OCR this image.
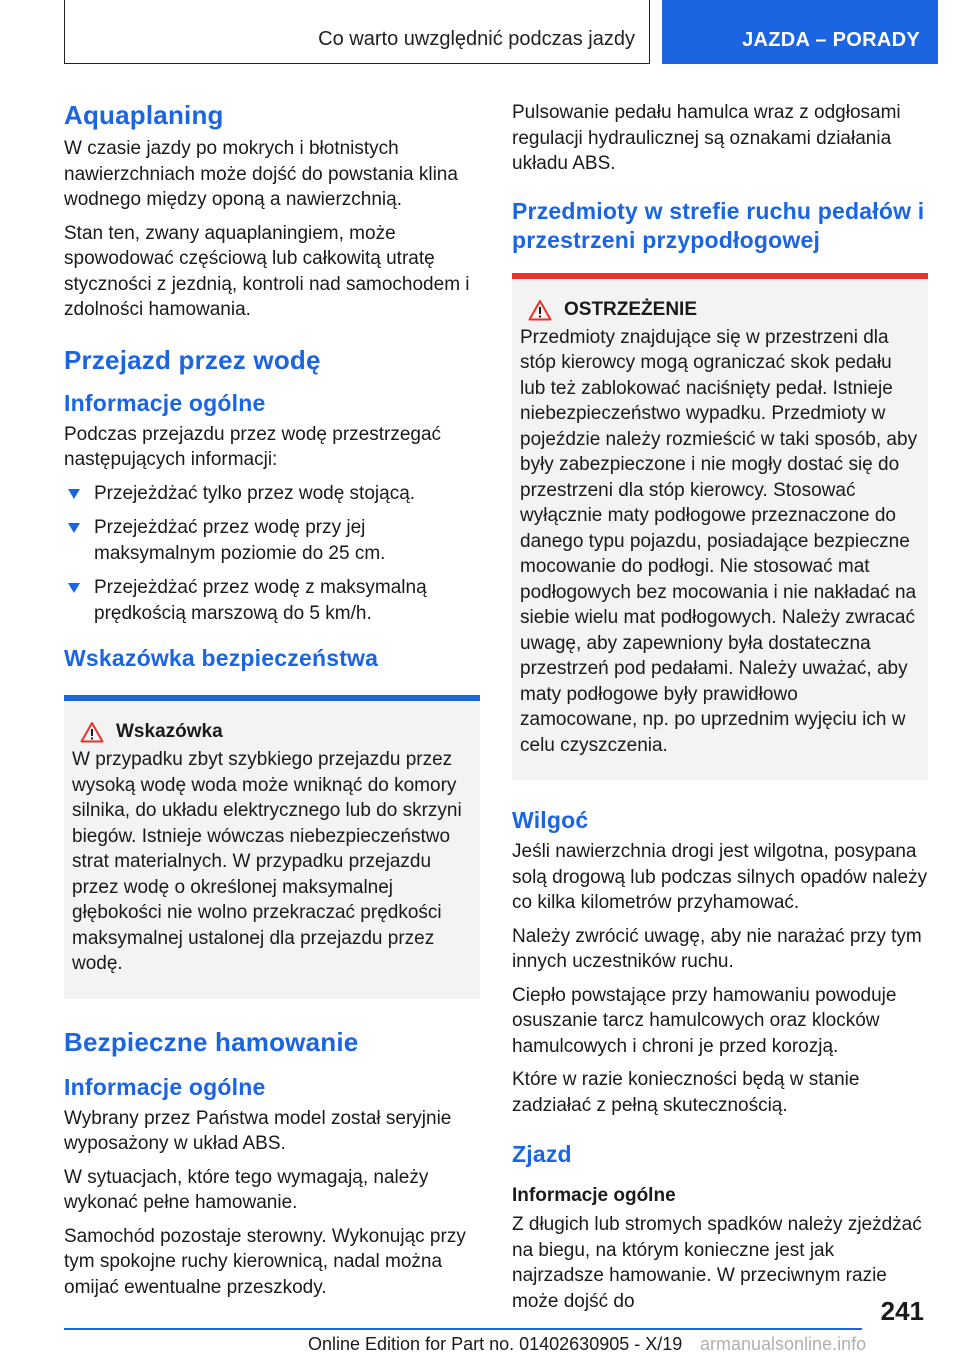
Co warto uwzględnić podczas jazdy	JAZDA – PORADY
Aquaplaning

W czasie jazdy po mokrych i błotnistych nawierzchniach może dojść do powstania klina wodnego między oponą a nawierzchnią.

Stan ten, zwany aquaplaningiem, może spowodować częściową lub całkowitą utratę styczności z jezdnią, kontroli nad samochodem i zdolności hamowania.

Przejazd przez wodę
Informacje ogólne

Podczas przejazdu przez wodę przestrzegać następujących informacji:

Przejeżdżać tylko przez wodę stojącą.
Przejeżdżać przez wodę przy jej maksymalnym poziomie do 25 cm.
Przejeżdżać przez wodę z maksymalną prędkością marszową do 5 km/h.
Wskazówka bezpieczeństwa
Wskazówka

W przypadku zbyt szybkiego przejazdu przez wysoką wodę woda może wniknąć do komory silnika, do układu elektrycznego lub do skrzyni biegów. Istnieje wówczas niebezpieczeństwo strat materialnych. W przypadku przejazdu przez wodę o określonej maksymalnej głębokości nie wolno przekraczać prędkości maksymalnej ustalonej dla przejazdu przez wodę.

Bezpieczne hamowanie
Informacje ogólne

Wybrany przez Państwa model został seryjnie wyposażony w układ ABS.

W sytuacjach, które tego wymagają, należy wykonać pełne hamowanie.

Samochód pozostaje sterowny. Wykonując przy tym spokojne ruchy kierownicą, nadal można omijać ewentualne przeszkody.

Pulsowanie pedału hamulca wraz z odgłosami regulacji hydraulicznej są oznakami działania układu ABS.

Przedmioty w strefie ruchu pedałów i przestrzeni przypodłogowej
OSTRZEŻENIE

Przedmioty znajdujące się w przestrzeni dla stóp kierowcy mogą ograniczać skok pedału lub też zablokować naciśnięty pedał. Istnieje niebezpieczeństwo wypadku. Przedmioty w pojeździe należy rozmieścić w taki sposób, aby były zabezpieczone i nie mogły dostać się do przestrzeni dla stóp kierowcy. Stosować wyłącznie maty podłogowe przeznaczone do danego typu pojazdu, posiadające bezpieczne mocowanie do podłogi. Nie stosować mat podłogowych bez mocowania i nie nakładać na siebie wielu mat podłogowych. Należy zwracać uwagę, aby zapewniony była dostateczna przestrzeń pod pedałami. Należy uważać, aby maty podłogowe były prawidłowo zamocowane, np. po uprzednim wyjęciu ich w celu czyszczenia.

Wilgoć

Jeśli nawierzchnia drogi jest wilgotna, posypana solą drogową lub podczas silnych opadów należy co kilka kilometrów przyhamować.

Należy zwrócić uwagę, aby nie narażać przy tym innych uczestników ruchu.

Ciepło powstające przy hamowaniu powoduje osuszanie tarcz hamulcowych oraz klocków hamulcowych i chroni je przed korozją.

Które w razie konieczności będą w stanie zadziałać z pełną skutecznością.

Zjazd
Informacje ogólne

Z długich lub stromych spadków należy zjeżdżać na biegu, na którym konieczne jest jak najrzadsze hamowanie. W przeciwnym razie może dojść do	241
Online Edition for Part no. 01402630905 - X/19 armanualsonline.info
